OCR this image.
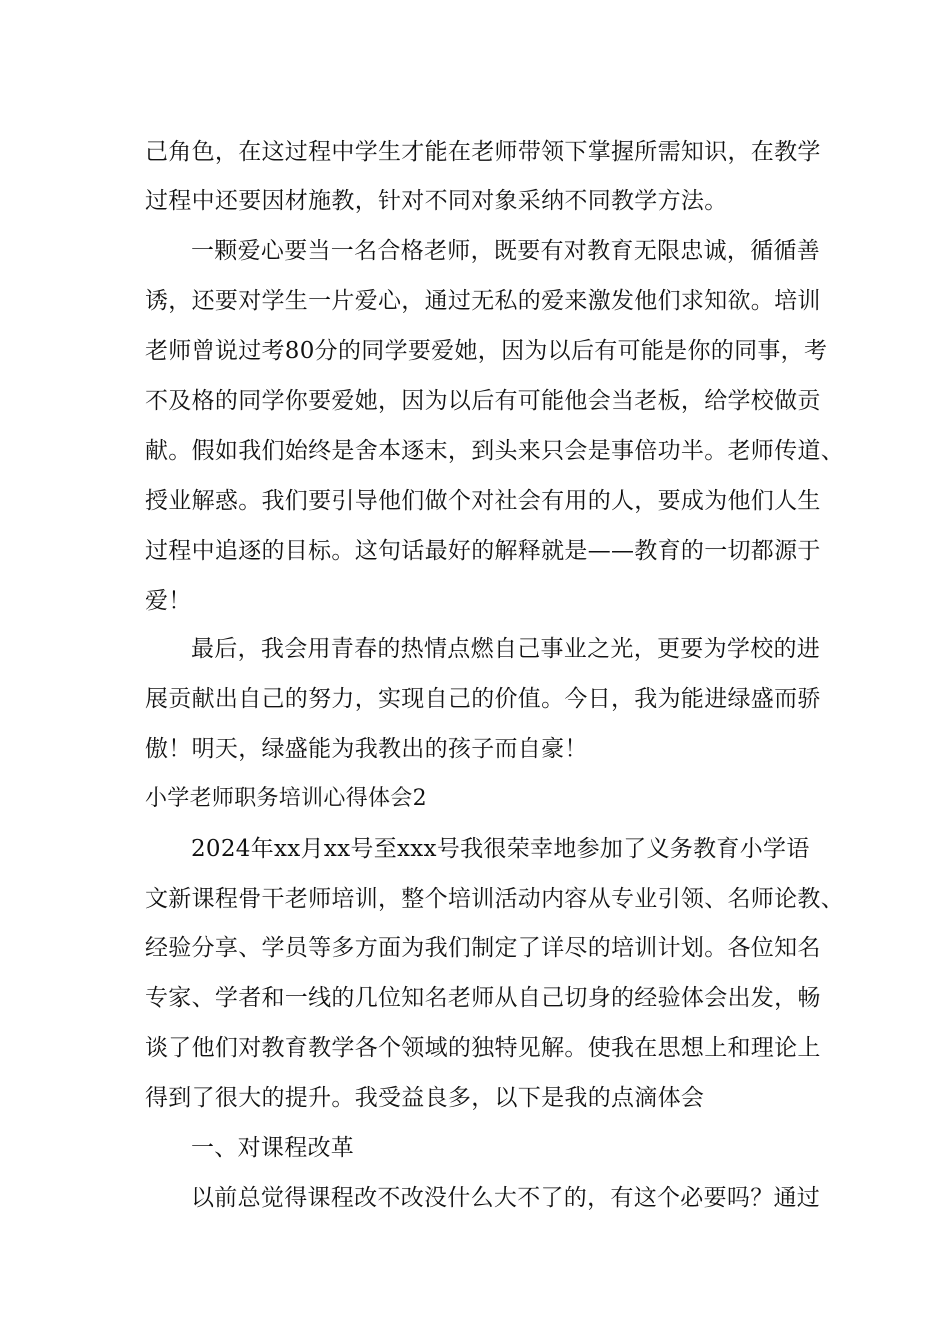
己角色，在这过程中学生才能在老师带领下掌握所需知识，在教学
过程中还要因材施教，针对不同对象采纳不同教学方法。
一颗爱心要当一名合格老师，既要有对教育无限忠诚，循循善
诱，还要对学生一片爱心，通过无私的爱来激发他们求知欲。培训
老师曾说过考80分的同学要爱她，因为以后有可能是你的同事，考
不及格的同学你要爱她，因为以后有可能他会当老板，给学校做贡
献。假如我们始终是舍本逐末，到头来只会是事倍功半。老师传道、
授业解惑。我们要引导他们做个对社会有用的人，要成为他们人生
过程中追逐的目标。这句话最好的解释就是——教育的一切都源于
爱！
最后，我会用青春的热情点燃自己事业之光，更要为学校的进
展贡献出自己的努力，实现自己的价值。今日，我为能进绿盛而骄
傲！明天，绿盛能为我教出的孩子而自豪！
小学老师职务培训心得体会2
2024年xx月xx号至xxx号我很荣幸地参加了义务教育小学语
文新课程骨干老师培训，整个培训活动内容从专业引领、名师论教、
经验分享、学员等多方面为我们制定了详尽的培训计划。各位知名
专家、学者和一线的几位知名老师从自己切身的经验体会出发，畅
谈了他们对教育教学各个领域的独特见解。使我在思想上和理论上
得到了很大的提升。我受益良多，以下是我的点滴体会
一、对课程改革
以前总觉得课程改不改没什么大不了的，有这个必要吗？通过
